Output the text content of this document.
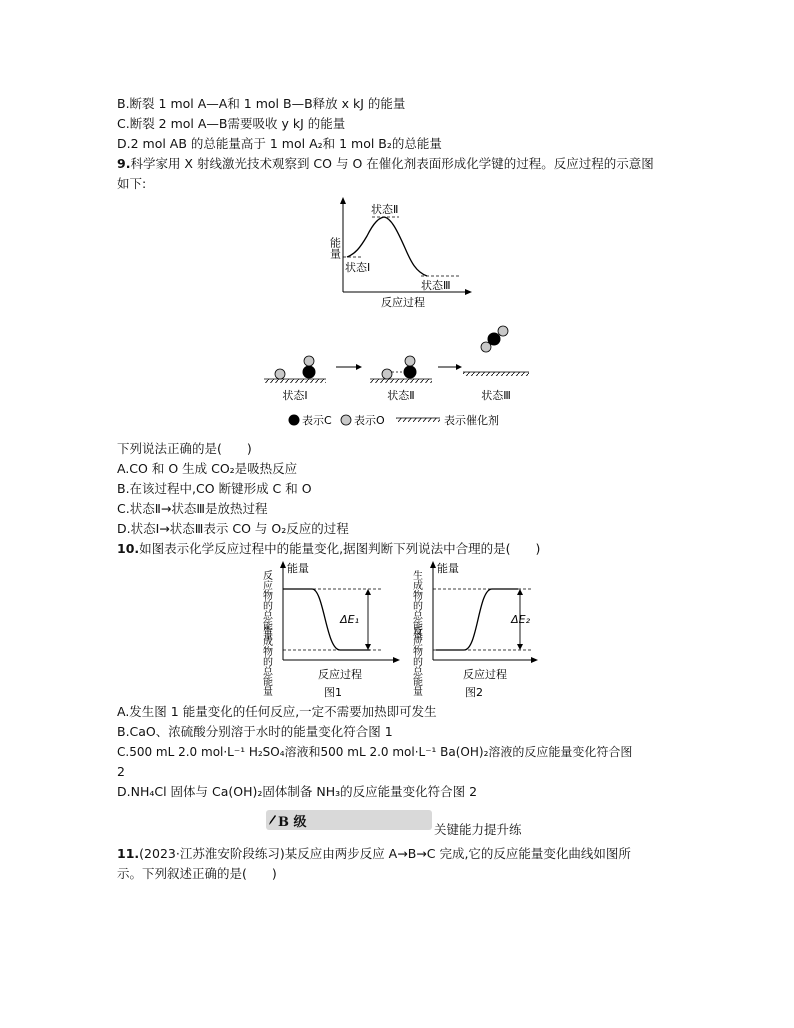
B.断裂 1 mol A—A和 1 mol B—B释放 x kJ 的能量
C.断裂 2 mol A—B需要吸收 y kJ 的能量
D.2 mol AB 的总能量高于 1 mol A₂和 1 mol B₂的总能量
9.科学家用 X 射线激光技术观察到 CO 与 O 在催化剂表面形成化学键的过程。反应过程的示意图
如下:
能量
状态Ⅰ
状态Ⅱ
状态Ⅲ
反应过程
状态Ⅰ	状态Ⅱ	状态Ⅲ
表示C 表示O	表示催化剂
下列说法正确的是(　　)
A.CO 和 O 生成 CO₂是吸热反应
B.在该过程中,CO 断键形成 C 和 O
C.状态Ⅱ→状态Ⅲ是放热过程
D.状态Ⅰ→状态Ⅲ表示 CO 与 O₂反应的过程
10.如图表示化学反应过程中的能量变化,据图判断下列说法中合理的是(　　)
能量
ΔE₁
反应物的总能量
生成物的总能量	反应过程
图1
能量
ΔE₂
生成物的总能量
反应物的总能量	反应过程
图2
A.发生图 1 能量变化的任何反应,一定不需要加热即可发生
B.CaO、浓硫酸分别溶于水时的能量变化符合图 1
C.500 mL 2.0 mol·L⁻¹ H₂SO₄溶液和500 mL 2.0 mol·L⁻¹ Ba(OH)₂溶液的反应能量变化符合图
2
D.NH₄Cl 固体与 Ca(OH)₂固体制备 NH₃的反应能量变化符合图 2
B 级	关键能力提升练
11.(2023·江苏淮安阶段练习)某反应由两步反应 A→B→C 完成,它的反应能量变化曲线如图所
示。下列叙述正确的是(　　)
